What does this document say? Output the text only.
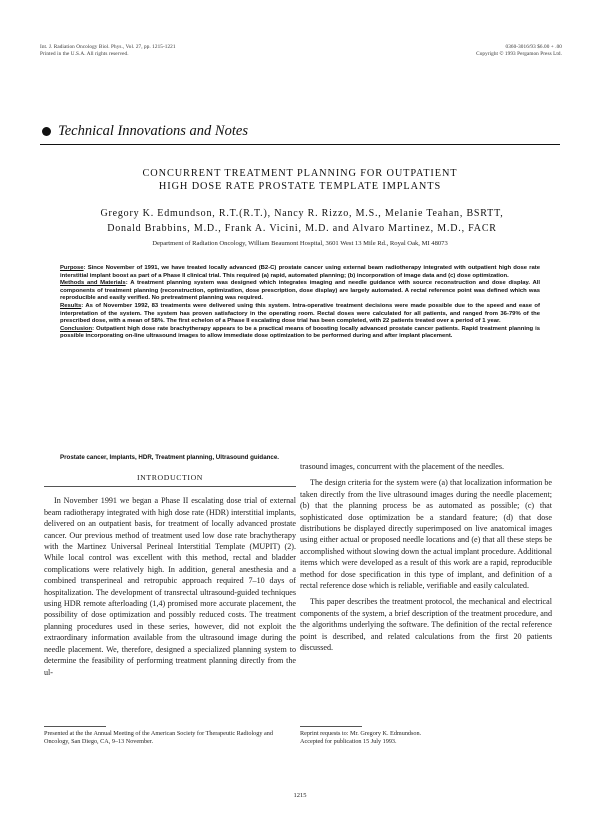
Int. J. Radiation Oncology Biol. Phys., Vol. 27, pp. 1215-1221
Printed in the U.S.A. All rights reserved.
0360-3016/93 $6.00 + .00
Copyright © 1993 Pergamon Press Ltd.
Technical Innovations and Notes
CONCURRENT TREATMENT PLANNING FOR OUTPATIENT
HIGH DOSE RATE PROSTATE TEMPLATE IMPLANTS
Gregory K. Edmundson, R.T.(R.T.), Nancy R. Rizzo, M.S., Melanie Teahan, BSRTT,
Donald Brabbins, M.D., Frank A. Vicini, M.D. and Alvaro Martinez, M.D., FACR
Department of Radiation Oncology, William Beaumont Hospital, 3601 West 13 Mile Rd., Royal Oak, MI 48073

Purpose: Since November of 1991, we have treated locally advanced (B2-C) prostate cancer using external beam radiotherapy integrated with outpatient high dose rate interstitial implant boost as part of a Phase II clinical trial. This required (a) rapid, automated planning; (b) incorporation of image data and (c) dose optimization.

Methods and Materials: A treatment planning system was designed which integrates imaging and needle guidance with source reconstruction and dose display. All components of treatment planning (reconstruction, optimization, dose prescription, dose display) are largely automated. A rectal reference point was defined which was reproducible and easily verified. No pretreatment planning was required.

Results: As of November 1992, 83 treatments were delivered using this system. Intra-operative treatment decisions were made possible due to the speed and ease of interpretation of the system. The system has proven satisfactory in the operating room. Rectal doses were calculated for all patients, and ranged from 36-79% of the prescribed dose, with a mean of 58%. The first echelon of a Phase II escalating dose trial has been completed, with 22 patients treated over a period of 1 year.

Conclusion: Outpatient high dose rate brachytherapy appears to be a practical means of boosting locally advanced prostate cancer patients. Rapid treatment planning is possible incorporating on-line ultrasound images to allow immediate dose optimization to be performed during and after implant placement.

Prostate cancer, Implants, HDR, Treatment planning, Ultrasound guidance.
INTRODUCTION

In November 1991 we began a Phase II escalating dose trial of external beam radiotherapy integrated with high dose rate (HDR) interstitial implants, delivered on an outpatient basis, for treatment of locally advanced prostate cancer. Our previous method of treatment used low dose rate brachytherapy with the Martinez Universal Perineal Interstitial Template (MUPIT) (2). While local control was excellent with this method, rectal and bladder complications were relatively high. In addition, general anesthesia and a combined transperineal and retropubic approach required 7–10 days of hospitalization. The development of transrectal ultrasound-guided techniques using HDR remote afterloading (1,4) promised more accurate placement, the possibility of dose optimization and possibly reduced costs. The treatment planning procedures used in these series, however, did not exploit the extraordinary information available from the ultrasound image during the needle placement. We, therefore, designed a specialized planning system to determine the feasibility of performing treatment planning directly from the ul-

trasound images, concurrent with the placement of the needles.

The design criteria for the system were (a) that localization information be taken directly from the live ultrasound images during the needle placement; (b) that the planning process be as automated as possible; (c) that sophisticated dose optimization be a standard feature; (d) that dose distributions be displayed directly superimposed on live anatomical images using either actual or proposed needle locations and (e) that all these steps be accomplished without slowing down the actual implant procedure. Additional items which were developed as a result of this work are a rapid, reproducible method for dose specification in this type of implant, and definition of a rectal reference dose which is reliable, verifiable and easily calculated.

This paper describes the treatment protocol, the mechanical and electrical components of the system, a brief description of the treatment procedure, and the algorithms underlying the software. The definition of the rectal reference point is described, and related calculations from the first 20 patients discussed.

Presented at the the Annual Meeting of the American Society for Therapeutic Radiology and Oncology, San Diego, CA, 9–13 November.
Reprint requests to: Mr. Gregory K. Edmundson.
Accepted for publication 15 July 1993.
1215
